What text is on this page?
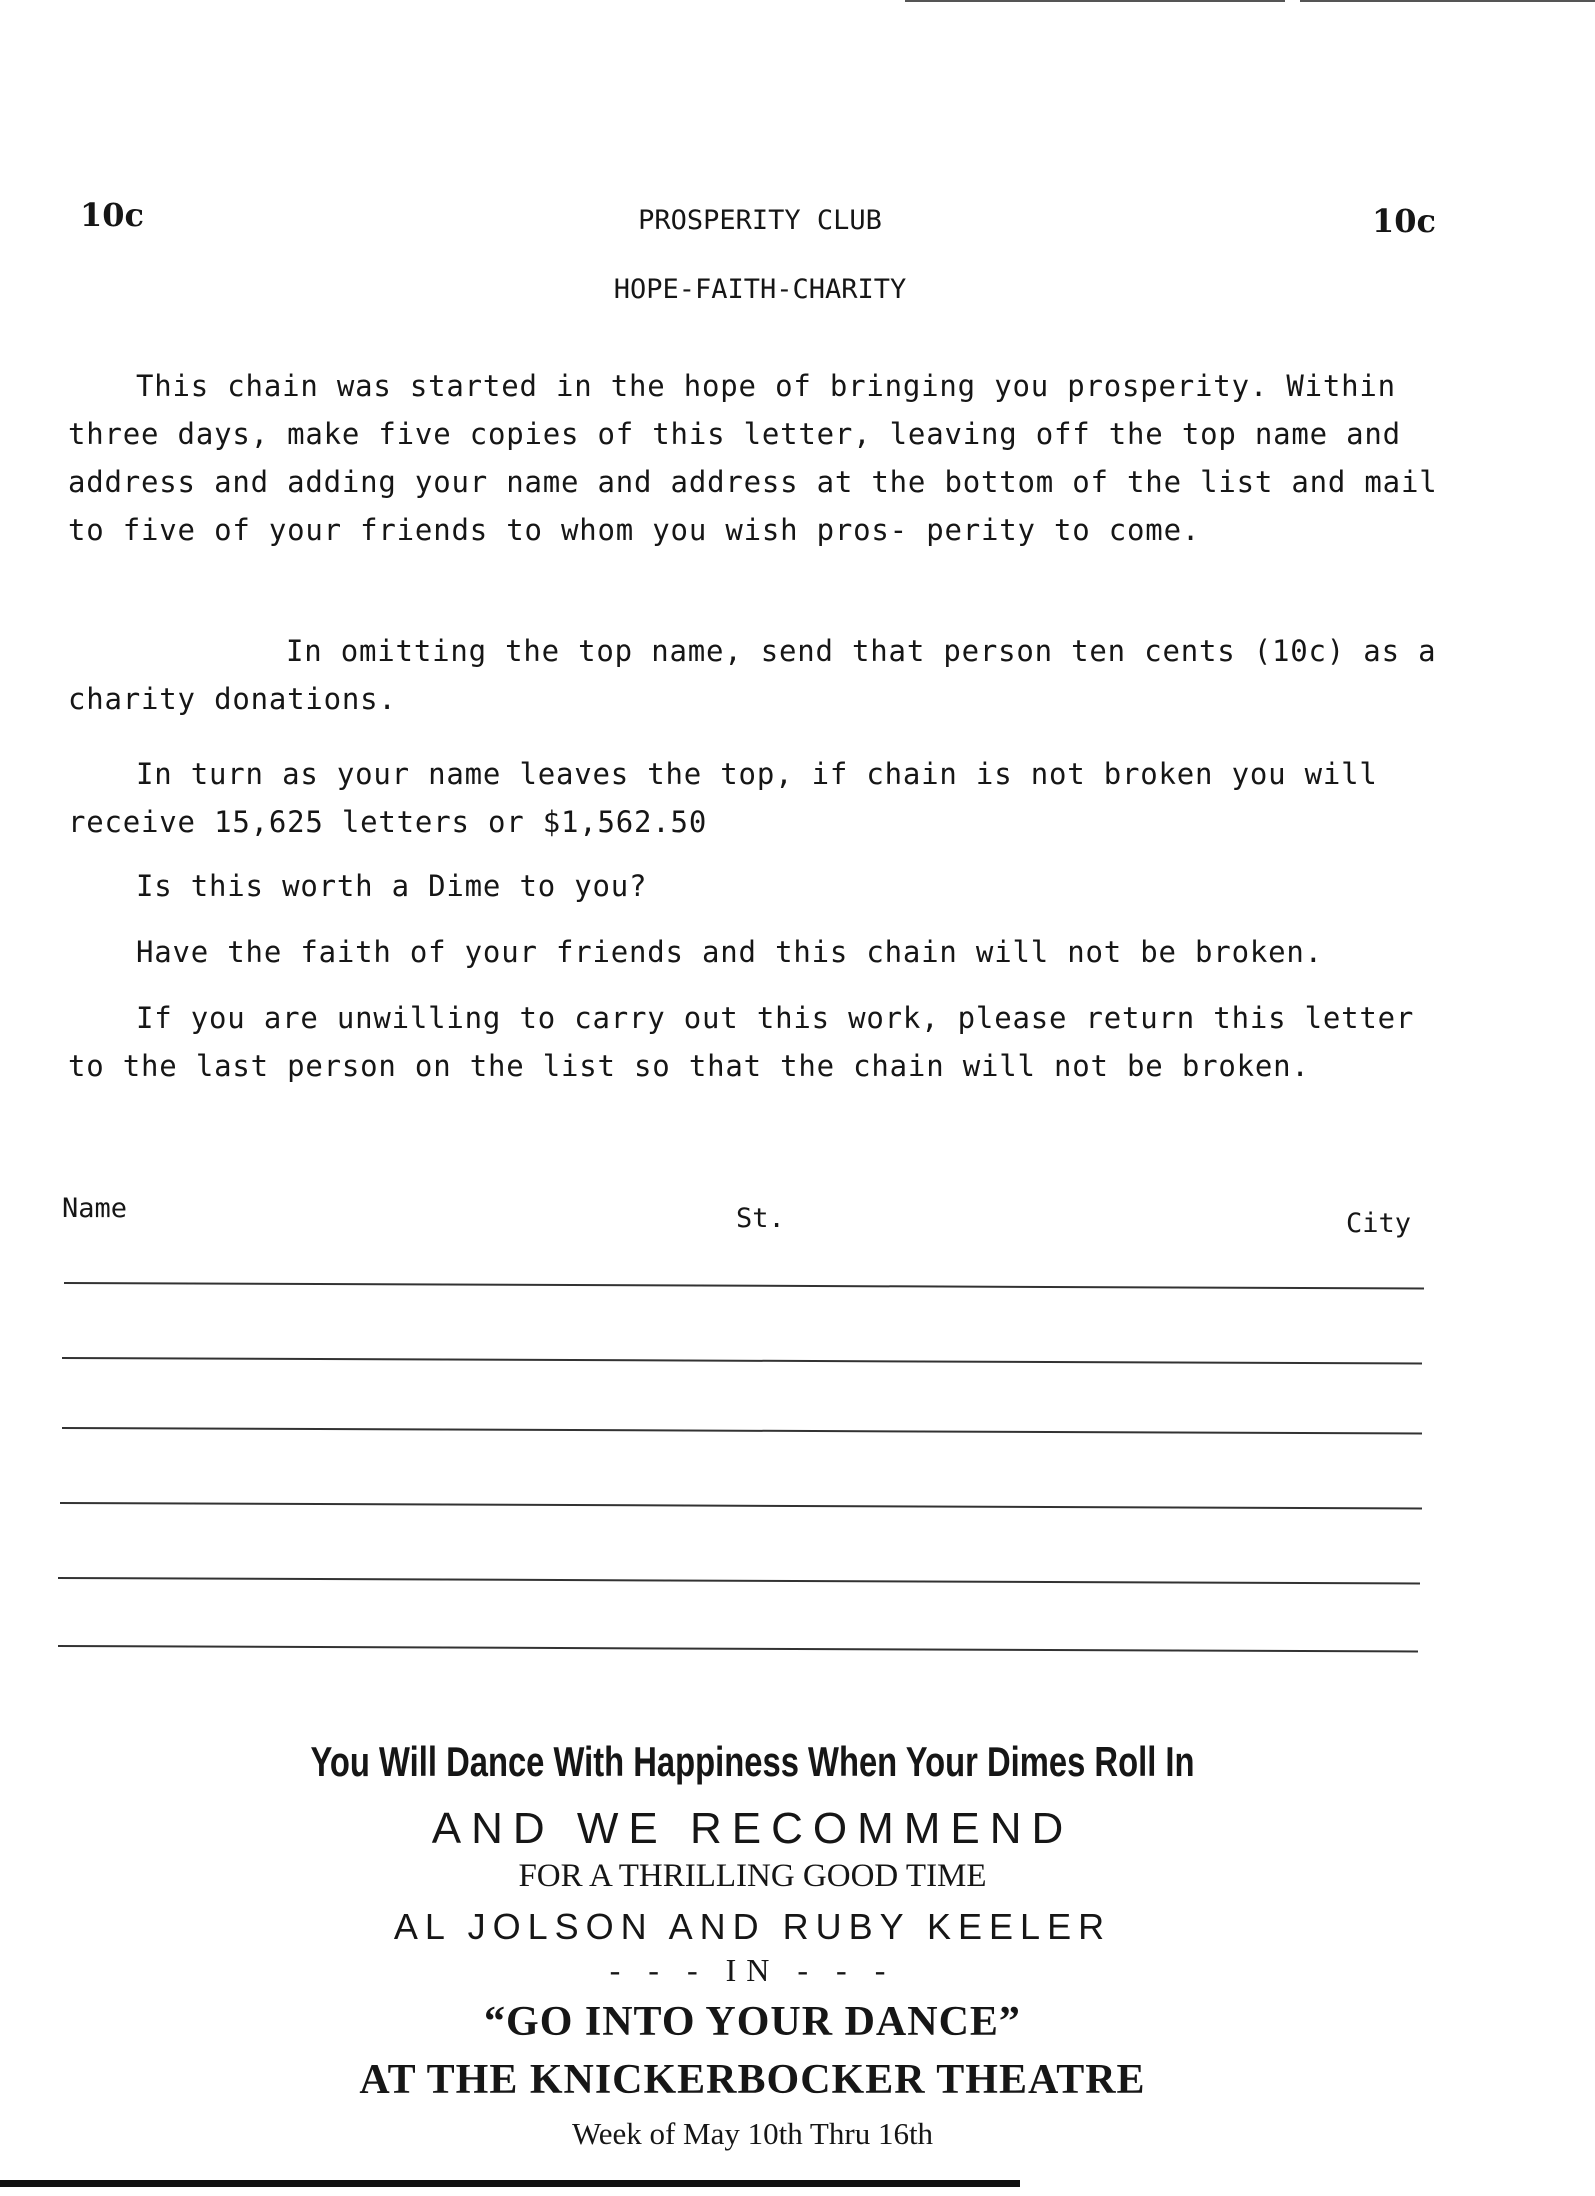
10c	10c
PROSPERITY CLUB
HOPE-FAITH-CHARITY

This chain was started in the hope of bringing you prosperity. Within three days, make five copies of this letter, leaving off the top name and address and adding your name and address at the bottom of the list and mail to five of your friends to whom you wish pros- perity to come.

In omitting the top name, send that person ten cents (10c) as a charity donations.

In turn as your name leaves the top, if chain is not broken you will receive 15,625 letters or $1,562.50

Is this worth a Dime to you?

Have the faith of your friends and this chain will not be broken.

If you are unwilling to carry out this work, please return this letter to the last person on the list so that the chain will not be broken.

Name	St.	City
You Will Dance With Happiness When Your Dimes Roll In
AND WE RECOMMEND
FOR A THRILLING GOOD TIME
AL JOLSON AND RUBY KEELER
- - - IN - - -
“GO INTO YOUR DANCE”
AT THE KNICKERBOCKER THEATRE
Week of May 10th Thru 16th
